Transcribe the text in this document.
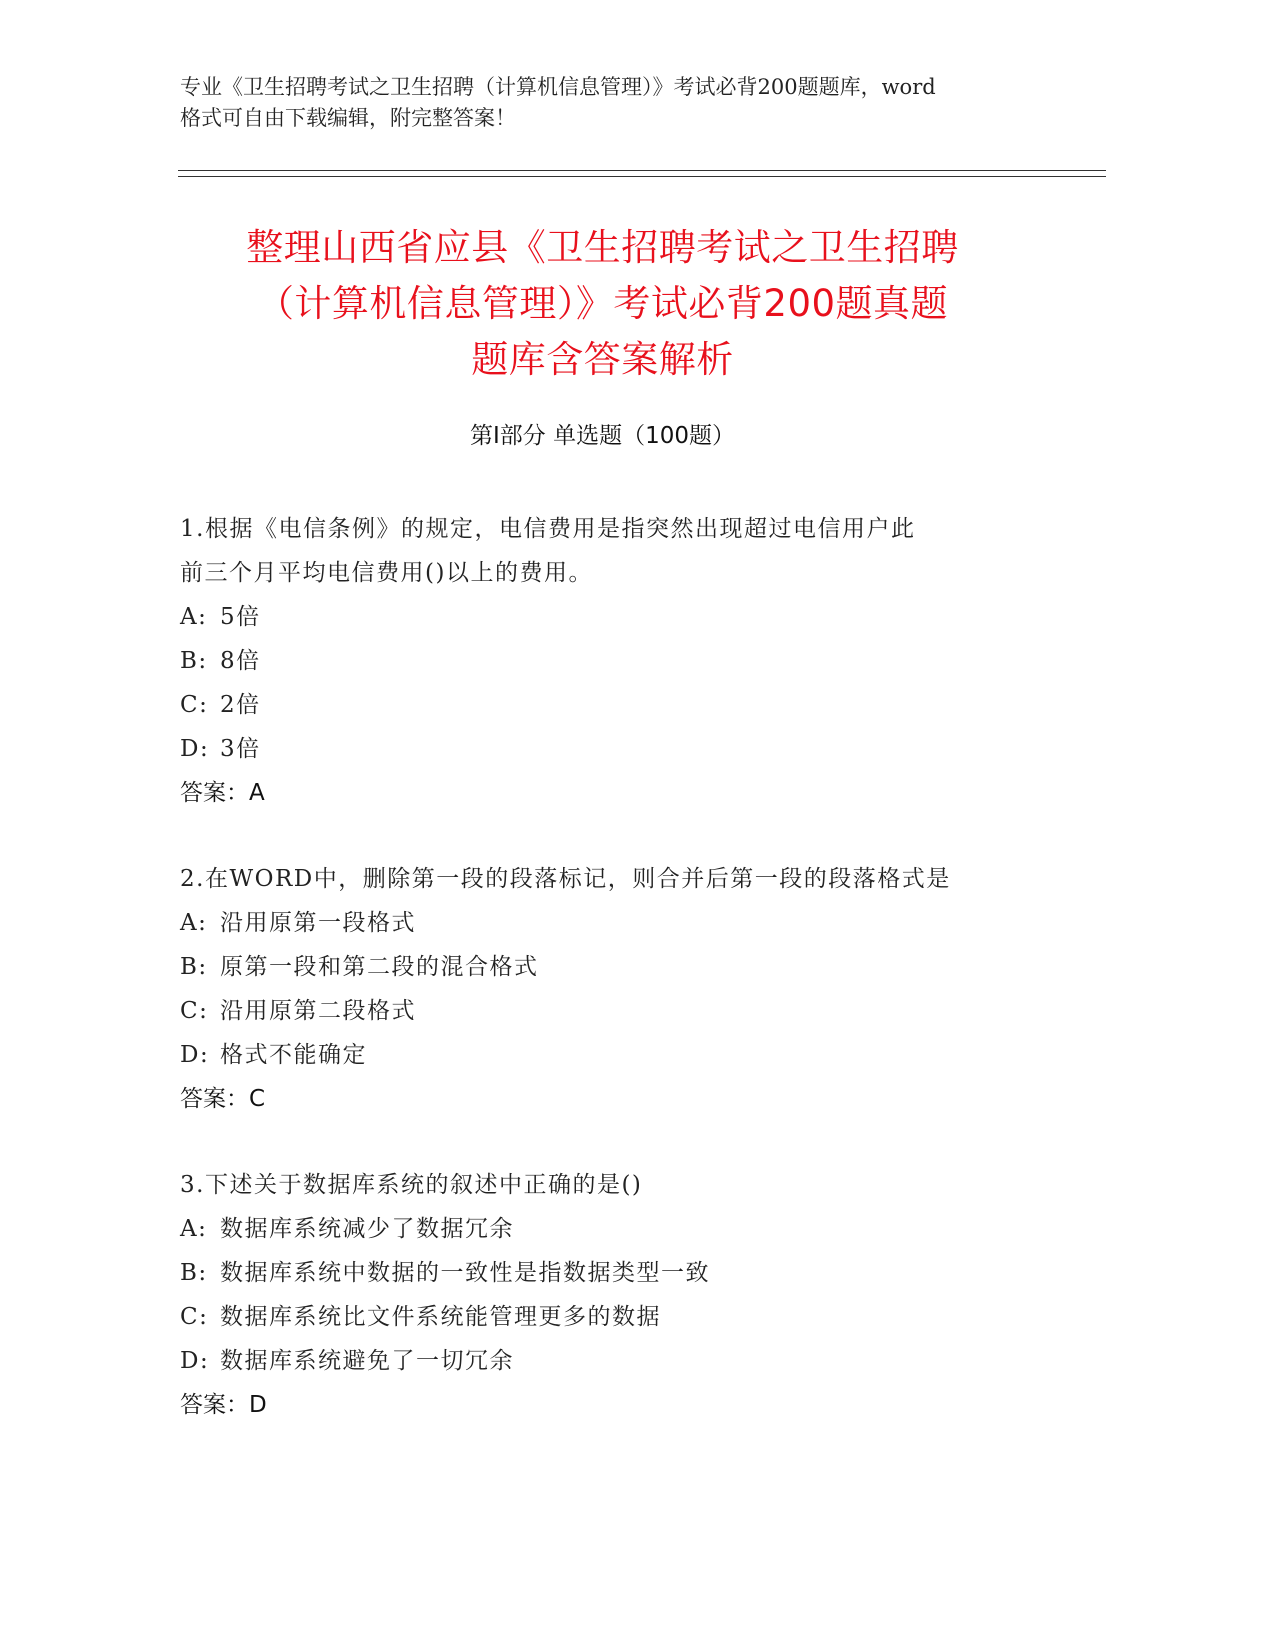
专业《卫生招聘考试之卫生招聘（计算机信息管理）》考试必背200题题库，word
格式可自由下载编辑，附完整答案！
整理山西省应县《卫生招聘考试之卫生招聘
（计算机信息管理）》考试必背200题真题
题库含答案解析
第Ⅰ部分 单选题（100题）
1.根据《电信条例》的规定，电信费用是指突然出现超过电信用户此
前三个月平均电信费用()以上的费用。
A: 5倍
B: 8倍
C: 2倍
D: 3倍
答案：A
2.在WORD中，删除第一段的段落标记，则合并后第一段的段落格式是
A: 沿用原第一段格式
B: 原第一段和第二段的混合格式
C: 沿用原第二段格式
D: 格式不能确定
答案：C
3.下述关于数据库系统的叙述中正确的是()
A: 数据库系统减少了数据冗余
B: 数据库系统中数据的一致性是指数据类型一致
C: 数据库系统比文件系统能管理更多的数据
D: 数据库系统避免了一切冗余
答案：D
